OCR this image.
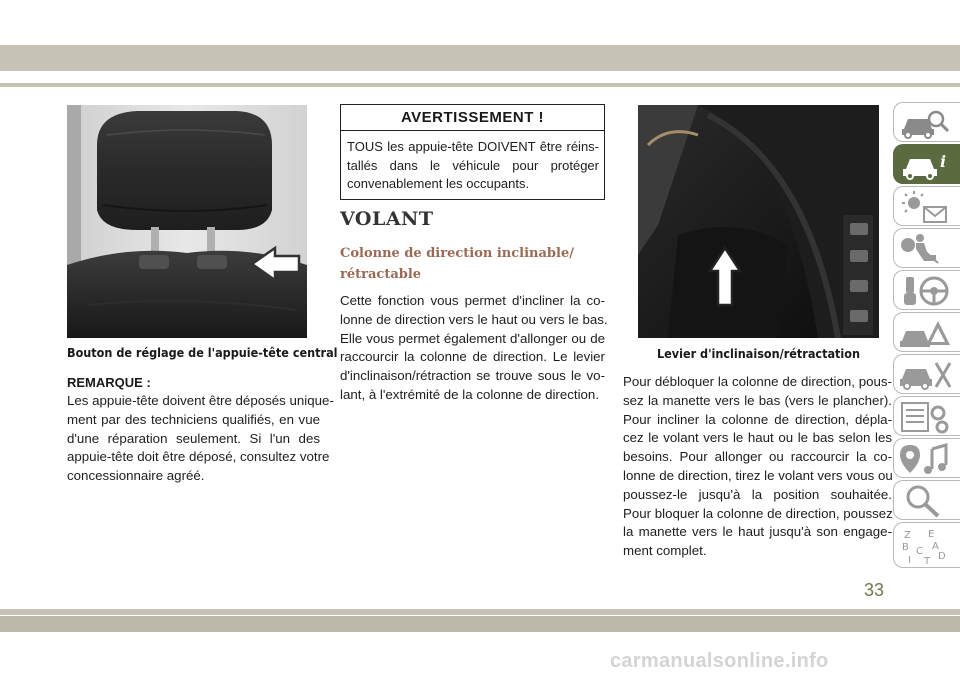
Bouton de réglage de l'appuie-tête central
REMARQUE :
Les appuie-tête doivent être déposés unique-
ment par des techniciens qualifiés, en vue
d'une réparation seulement. Si l'un des
appuie-tête doit être déposé, consultez votre
concessionnaire agréé.
AVERTISSEMENT !
TOUS les appuie-tête DOIVENT être réins-
tallés dans le véhicule pour protéger
convenablement les occupants.
VOLANT
Colonne de direction inclinable/
rétractable
Cette fonction vous permet d'incliner la co-
lonne de direction vers le haut ou vers le bas.
Elle vous permet également d'allonger ou de
raccourcir la colonne de direction. Le levier
d'inclinaison/rétraction se trouve sous le vo-
lant, à l'extrémité de la colonne de direction.
Levier d'inclinaison/rétractation
Pour débloquer la colonne de direction, pous-
sez la manette vers le bas (vers le plancher).
Pour incliner la colonne de direction, dépla-
cez le volant vers le haut ou le bas selon les
besoins. Pour allonger ou raccourcir la co-
lonne de direction, tirez le volant vers vous ou
poussez-le jusqu'à la position souhaitée.
Pour bloquer la colonne de direction, poussez
la manette vers le haut jusqu'à son engage-
ment complet.
i
Z E
B A
C D
T
I
33
carmanualsonline.info
